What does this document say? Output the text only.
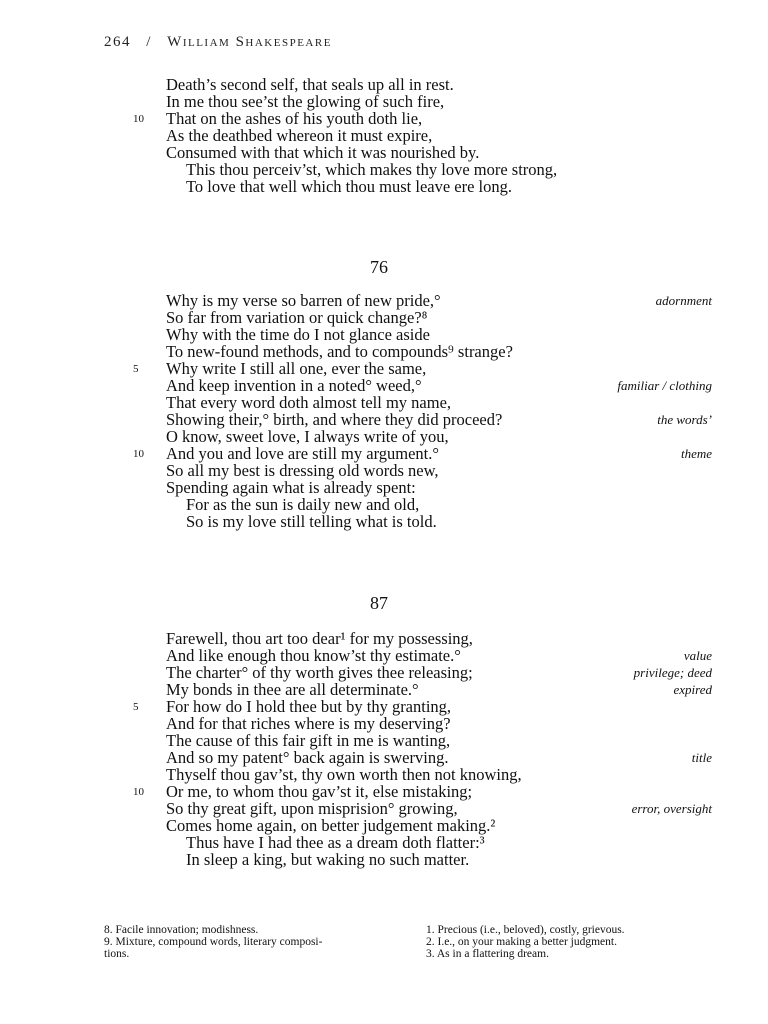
264 / William Shakespeare
Death’s second self, that seals up all in rest.
In me thou see’st the glowing of such fire,
10 That on the ashes of his youth doth lie,
As the deathbed whereon it must expire,
Consumed with that which it was nourished by.
This thou perceiv’st, which makes thy love more strong,
To love that well which thou must leave ere long.
76
Why is my verse so barren of new pride,°	adornment
So far from variation or quick change?⁸
Why with the time do I not glance aside
To new-found methods, and to compounds⁹ strange?
5 Why write I still all one, ever the same,
And keep invention in a noted° weed,°	familiar / clothing
That every word doth almost tell my name,
Showing their,° birth, and where they did proceed?	the words’
O know, sweet love, I always write of you,
10 And you and love are still my argument.°	theme
So all my best is dressing old words new,
Spending again what is already spent:
For as the sun is daily new and old,
So is my love still telling what is told.
87
Farewell, thou art too dear¹ for my possessing,
And like enough thou know’st thy estimate.°	value
The charter° of thy worth gives thee releasing;	privilege; deed
My bonds in thee are all determinate.°	expired
5 For how do I hold thee but by thy granting,
And for that riches where is my deserving?
The cause of this fair gift in me is wanting,
And so my patent° back again is swerving.	title
Thyself thou gav’st, thy own worth then not knowing,
10 Or me, to whom thou gav’st it, else mistaking;
So thy great gift, upon misprision° growing,	error, oversight
Comes home again, on better judgement making.²
Thus have I had thee as a dream doth flatter:³
In sleep a king, but waking no such matter.
8. Facile innovation; modishness.
9. Mixture, compound words, literary composi-
tions.
1. Precious (i.e., beloved), costly, grievous.
2. I.e., on your making a better judgment.
3. As in a flattering dream.
